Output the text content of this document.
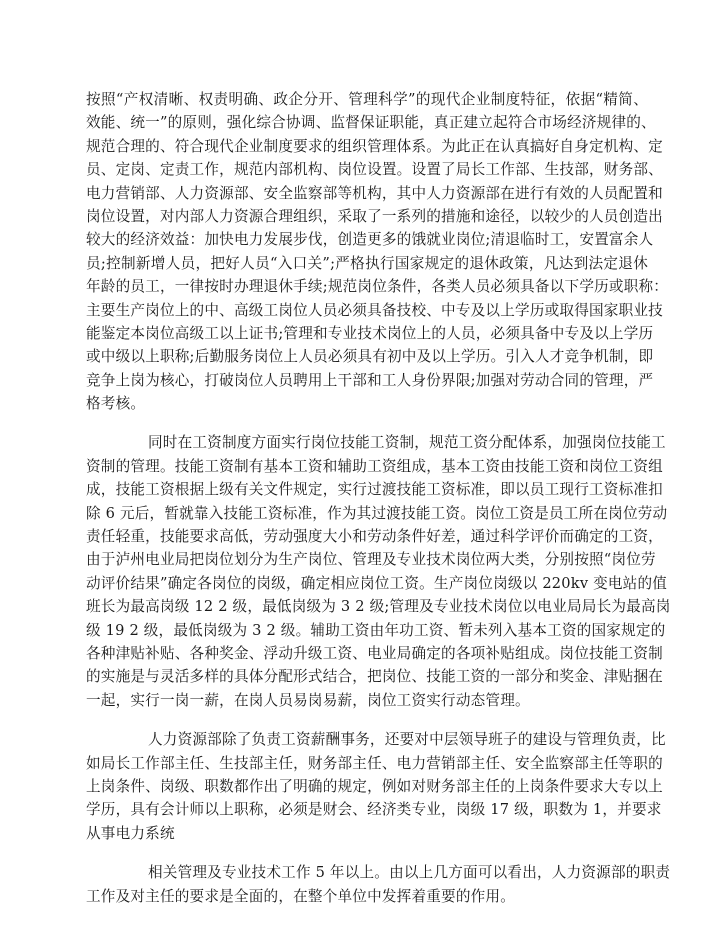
按照“产权清晰、权责明确、政企分开、管理科学”的现代企业制度特征，依据“精简、
效能、统一”的原则，强化综合协调、监督保证职能，真正建立起符合市场经济规律的、
规范合理的、符合现代企业制度要求的组织管理体系。为此正在认真搞好自身定机构、定
员、定岗、定责工作，规范内部机构、岗位设置。设置了局长工作部、生技部，财务部、
电力营销部、人力资源部、安全监察部等机构，其中人力资源部在进行有效的人员配置和
岗位设置，对内部人力资源合理组织，采取了一系列的措施和途径，以较少的人员创造出
较大的经济效益：加快电力发展步伐，创造更多的饿就业岗位;清退临时工，安置富余人
员;控制新增人员，把好人员“入口关”;严格执行国家规定的退休政策，凡达到法定退休
年龄的员工，一律按时办理退休手续;规范岗位条件，各类人员必须具备以下学历或职称：
主要生产岗位上的中、高级工岗位人员必须具备技校、中专及以上学历或取得国家职业技
能鉴定本岗位高级工以上证书;管理和专业技术岗位上的人员，必须具备中专及以上学历
或中级以上职称;后勤服务岗位上人员必须具有初中及以上学历。引入人才竞争机制，即
竞争上岗为核心，打破岗位人员聘用上干部和工人身份界限;加强对劳动合同的管理，严
格考核。
同时在工资制度方面实行岗位技能工资制，规范工资分配体系，加强岗位技能工
资制的管理。技能工资制有基本工资和辅助工资组成，基本工资由技能工资和岗位工资组
成，技能工资根据上级有关文件规定，实行过渡技能工资标准，即以员工现行工资标准扣
除 6 元后，暂就靠入技能工资标准，作为其过渡技能工资。岗位工资是员工所在岗位劳动
责任轻重，技能要求高低，劳动强度大小和劳动条件好差，通过科学评价而确定的工资，
由于泸州电业局把岗位划分为生产岗位、管理及专业技术岗位两大类，分别按照“岗位劳
动评价结果”确定各岗位的岗级，确定相应岗位工资。生产岗位岗级以 220kv 变电站的值
班长为最高岗级 12 2 级，最低岗级为 3 2 级;管理及专业技术岗位以电业局局长为最高岗
级 19 2 级，最低岗级为 3 2 级。辅助工资由年功工资、暂未列入基本工资的国家规定的
各种津贴补贴、各种奖金、浮动升级工资、电业局确定的各项补贴组成。岗位技能工资制
的实施是与灵活多样的具体分配形式结合，把岗位、技能工资的一部分和奖金、津贴捆在
一起，实行一岗一薪，在岗人员易岗易薪，岗位工资实行动态管理。
人力资源部除了负责工资薪酬事务，还要对中层领导班子的建设与管理负责，比
如局长工作部主任、生技部主任，财务部主任、电力营销部主任、安全监察部主任等职的
上岗条件、岗级、职数都作出了明确的规定，例如对财务部主任的上岗条件要求大专以上
学历，具有会计师以上职称，必须是财会、经济类专业，岗级 17 级，职数为 1，并要求
从事电力系统
相关管理及专业技术工作 5 年以上。由以上几方面可以看出，人力资源部的职责
工作及对主任的要求是全面的，在整个单位中发挥着重要的作用。
